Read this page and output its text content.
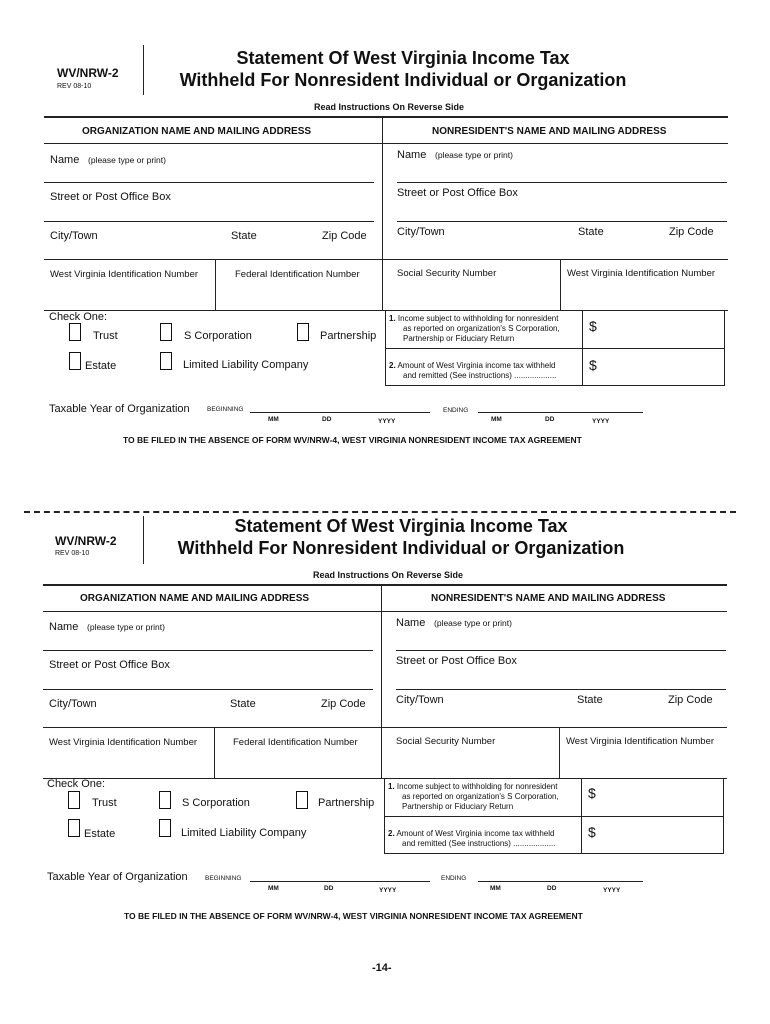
WV/NRW-2
REV 08-10
Statement Of West Virginia Income Tax
Withheld For Nonresident Individual or Organization
Read Instructions On Reverse Side
ORGANIZATION NAME AND MAILING ADDRESS
Name (please type or print)
Street or Post Office Box
City/Town	State	Zip Code
West Virginia Identification Number	Federal Identification Number
NONRESIDENT'S NAME AND MAILING ADDRESS
Name (please type or print)
Street or Post Office Box
City/Town	State	Zip Code
Social Security Number	West Virginia Identification Number
Check One:
Trust	S Corporation	Partnership
Estate	Limited Liability Company
1. Income subject to withholding for nonresident
as reported on organization's S Corporation,
Partnership or Fiduciary Return
$
2. Amount of West Virginia income tax withheld
and remitted (See instructions) ...................
$
Taxable Year of Organization	BEGINNING
MM	DD	YYYY
ENDING
MM	DD	YYYY
TO BE FILED IN THE ABSENCE OF FORM WV/NRW-4, WEST VIRGINIA NONRESIDENT INCOME TAX AGREEMENT
WV/NRW-2
REV 08-10
Statement Of West Virginia Income Tax
Withheld For Nonresident Individual or Organization
Read Instructions On Reverse Side
ORGANIZATION NAME AND MAILING ADDRESS
Name (please type or print)
Street or Post Office Box
City/Town	State	Zip Code
West Virginia Identification Number	Federal Identification Number
NONRESIDENT'S NAME AND MAILING ADDRESS
Name (please type or print)
Street or Post Office Box
City/Town	State	Zip Code
Social Security Number	West Virginia Identification Number
Check One:
Trust	S Corporation	Partnership
Estate	Limited Liability Company
1. Income subject to withholding for nonresident
as reported on organization's S Corporation,
Partnership or Fiduciary Return
$
2. Amount of West Virginia income tax withheld
and remitted (See instructions) ...................
$
Taxable Year of Organization	BEGINNING
MM	DD	YYYY
ENDING
MM	DD	YYYY
TO BE FILED IN THE ABSENCE OF FORM WV/NRW-4, WEST VIRGINIA NONRESIDENT INCOME TAX AGREEMENT
-14-
